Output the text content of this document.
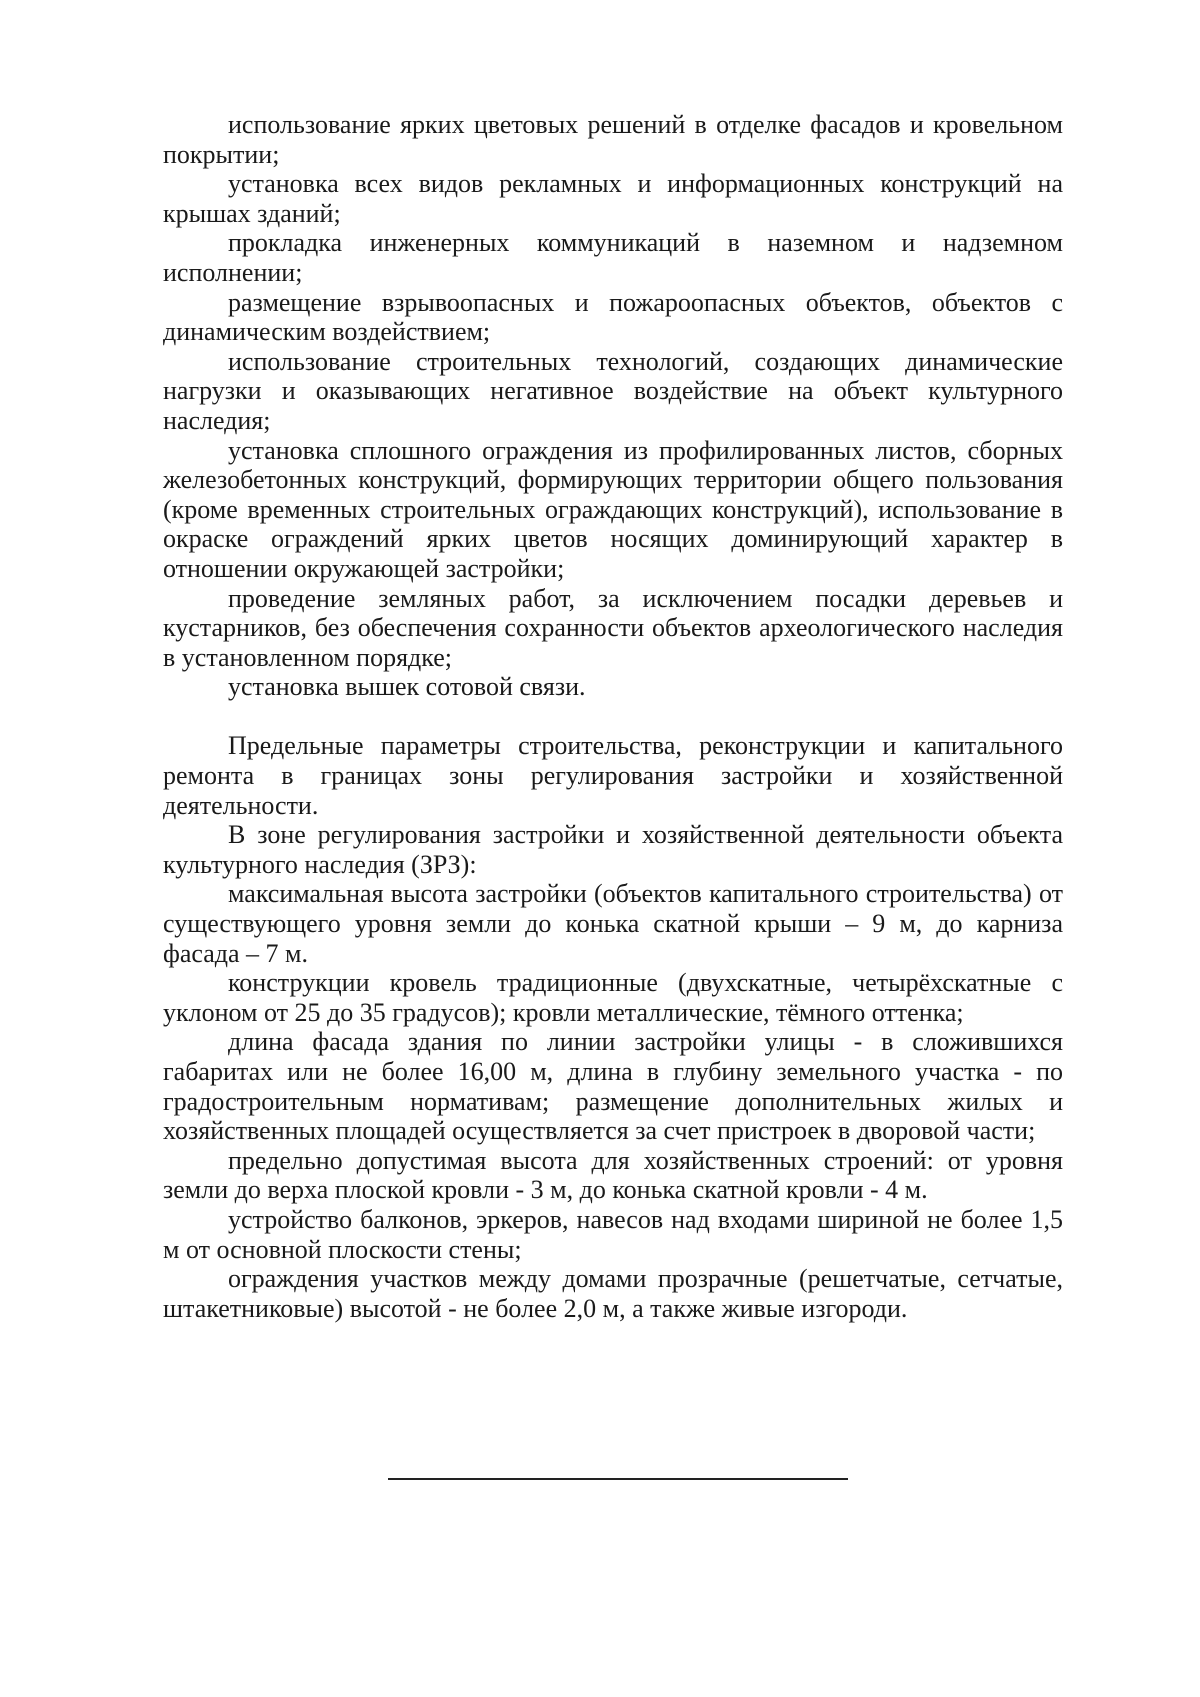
использование ярких цветовых решений в отделке фасадов и кровельном покрытии;

установка всех видов рекламных и информационных конструкций на крышах зданий;

прокладка инженерных коммуникаций в наземном и надземном исполнении;

размещение взрывоопасных и пожароопасных объектов, объектов с динамическим воздействием;

использование строительных технологий, создающих динамические нагрузки и оказывающих негативное воздействие на объект культурного наследия;

установка сплошного ограждения из профилированных листов, сборных железобетонных конструкций, формирующих территории общего пользования (кроме временных строительных ограждающих конструкций), использование в окраске ограждений ярких цветов носящих доминирующий характер в отношении окружающей застройки;

проведение земляных работ, за исключением посадки деревьев и кустарников, без обеспечения сохранности объектов археологического наследия в установленном порядке;

установка вышек сотовой связи.

Предельные параметры строительства, реконструкции и капитального ремонта в границах зоны регулирования застройки и хозяйственной деятельности.

В зоне регулирования застройки и хозяйственной деятельности объекта культурного наследия (ЗРЗ):

максимальная высота застройки (объектов капитального строительства) от существующего уровня земли до конька скатной крыши – 9 м, до карниза фасада – 7 м.

конструкции кровель традиционные (двухскатные, четырёхскатные с уклоном от 25 до 35 градусов); кровли металлические, тёмного оттенка;

длина фасада здания по линии застройки улицы - в сложившихся габаритах или не более 16,00 м, длина в глубину земельного участка - по градостроительным нормативам; размещение дополнительных жилых и хозяйственных площадей осуществляется за счет пристроек в дворовой части;

предельно допустимая высота для хозяйственных строений: от уровня земли до верха плоской кровли - 3 м, до конька скатной кровли - 4 м.

устройство балконов, эркеров, навесов над входами шириной не более 1,5 м от основной плоскости стены;

ограждения участков между домами прозрачные (решетчатые, сетчатые, штакетниковые) высотой - не более 2,0 м, а также живые изгороди.
